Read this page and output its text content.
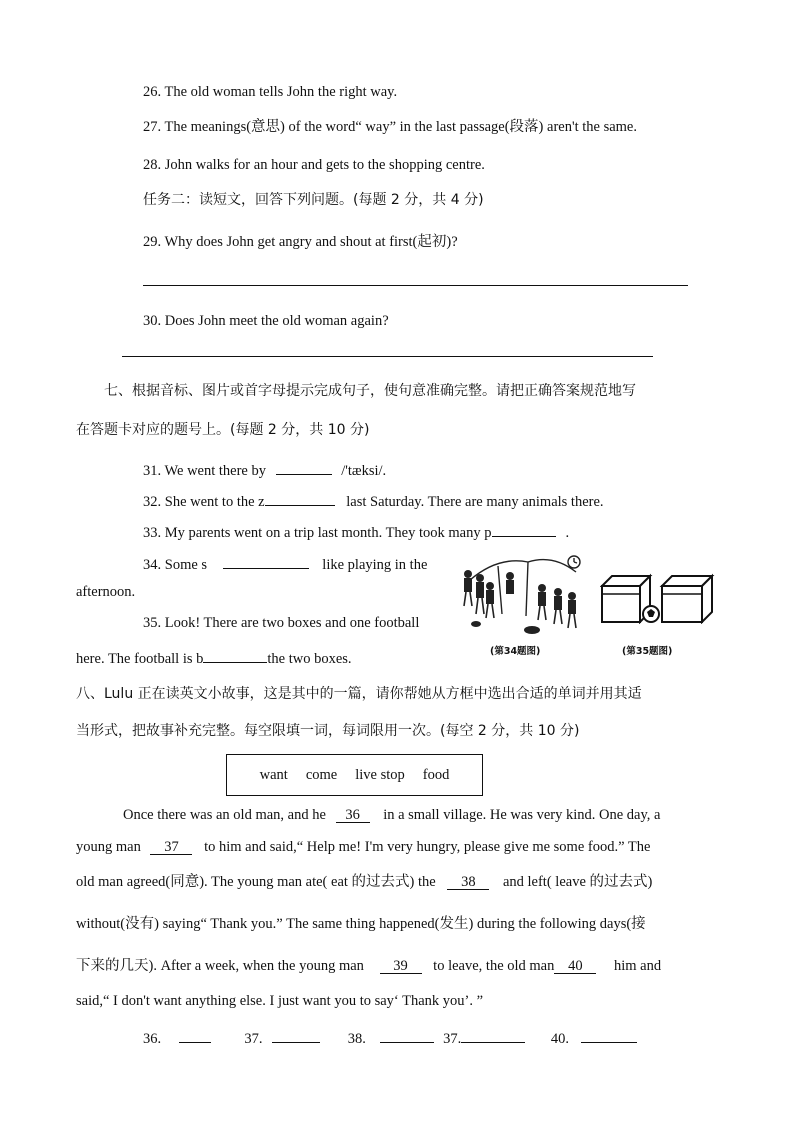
26. The old woman tells John the right way.
27. The meanings(意思) of the word“ way” in the last passage(段落) aren't the same.
28. John walks for an hour and gets to the shopping centre.
任务二：读短文，回答下列问题。(每题 2 分，共 4 分)
29. Why does John get angry and shout at first(起初)?
30. Does John meet the old woman again?
七、根据音标、图片或首字母提示完成句子，使句意准确完整。请把正确答案规范地写
在答题卡对应的题号上。(每题 2 分，共 10 分)
31. We went there by	/'tæksi/.
32. She went to the z	last Saturday. There are many animals there.
33. My parents went on a trip last month. They took many p	.
34. Some s	like playing in the
afternoon.
35. Look! There are two boxes and one football
here. The football is b	the two boxes.	(第34题图)	(第35题图)
八、Lulu 正在读英文小故事，这是其中的一篇，请你帮她从方框中选出合适的单词并用其适
当形式，把故事补充完整。每空限填一词，每词限用一次。(每空 2 分，共 10 分)
want come live stop food
Once there was an old man, and he 36 in a small village. He was very kind. One day, a
young man 37 to him and said,“ Help me! I'm very hungry, please give me some food.” The
old man agreed(同意). The young man ate( eat 的过去式) the 38 and left( leave 的过去式)
without(没有) saying“ Thank you.” The same thing happened(发生) during the following days(接
下来的几天). After a week, when the young man 39 to leave, the old man 40 him and
said,“ I don't want anything else. I just want you to say‘ Thank you’. ”
36.	37.	38.	37.	40.
